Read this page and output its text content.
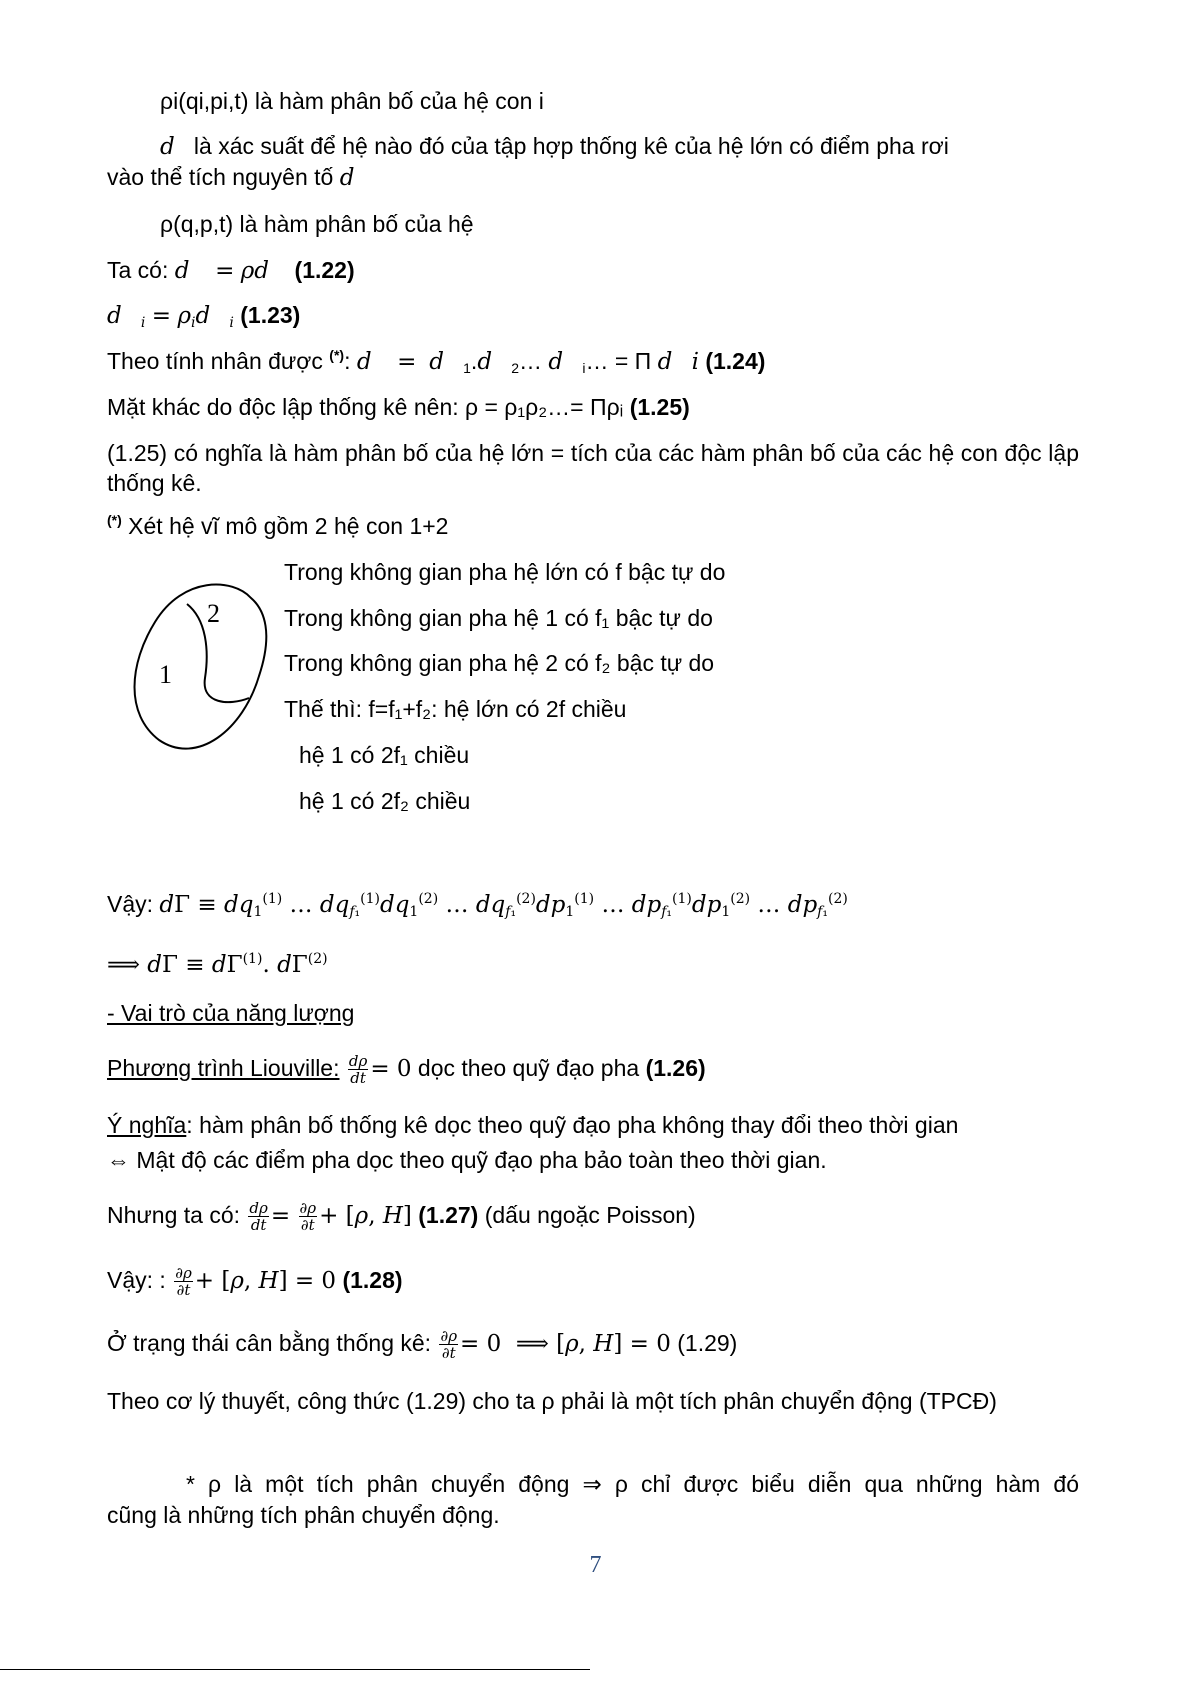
ρi(qi,pi,t) là hàm phân bố của hệ con i
d là xác suất để hệ nào đó của tập hợp thống kê của hệ lớn có điểm pha rơi
vào thể tích nguyên tố d
ρ(q,p,t) là hàm phân bố của hệ
Ta có: d = ρd (1.22)
d $_i = \rho_id$ $_i$ (1.23)
Theo tính nhân được (*): d = d $_1$.d $_2$… d $_i$… = Π d i (1.24)
Mặt khác do độc lập thống kê nên: ρ = ρ₁ρ₂…= Πρᵢ (1.25)
(1.25) có nghĩa là hàm phân bố của hệ lớn = tích của các hàm phân bố của các hệ con độc lập thống kê.
(*) Xét hệ vĩ mô gồm 2 hệ con 1+2
2
1
Trong không gian pha hệ lớn có f bậc tự do
Trong không gian pha hệ 1 có f₁ bậc tự do
Trong không gian pha hệ 2 có f₂ bậc tự do
Thế thì: f=f₁+f₂: hệ lớn có 2f chiều
hệ 1 có 2f₁ chiều
hệ 1 có 2f₂ chiều
Vậy: $d\Gamma \equiv dq_1^{(1)}$ … $dq_{f_1}^{(1)}dq_1^{(2)}$ … $dq_{f_1}^{(2)}dp_1^{(1)}$ … $dp_{f_1}^{(1)}dp_1^{(2)}$ … $dp_{f_1}^{(2)}$
⟹ $d\Gamma \equiv d\Gamma^{(1)}$. $d\Gamma^{(2)}$
- Vai trò của năng lượng
Phương trình Liouville: $\frac{d\rho}{dt} = 0$ dọc theo quỹ đạo pha (1.26)
Ý nghĩa: hàm phân bố thống kê dọc theo quỹ đạo pha không thay đổi theo thời gian
⇔ Mật độ các điểm pha dọc theo quỹ đạo pha bảo toàn theo thời gian.
Nhưng ta có: $\frac{d\rho}{dt} = \frac{\partial\rho}{\partial t} + [\rho$, H] (1.27) (dấu ngoặc Poisson)
Vậy: : $\frac{\partial\rho}{\partial t} + [\rho$, H] = 0 (1.28)
Ở trạng thái cân bằng thống kê: $\frac{\partial\rho}{\partial t} = 0$  ⟹ [ρ, H] = 0 (1.29)
Theo cơ lý thuyết, công thức (1.29) cho ta ρ phải là một tích phân chuyển động (TPCĐ)
* ρ là một tích phân chuyển động ⇒ ρ chỉ được biểu diễn qua những hàm đó
cũng là những tích phân chuyển động.
7
